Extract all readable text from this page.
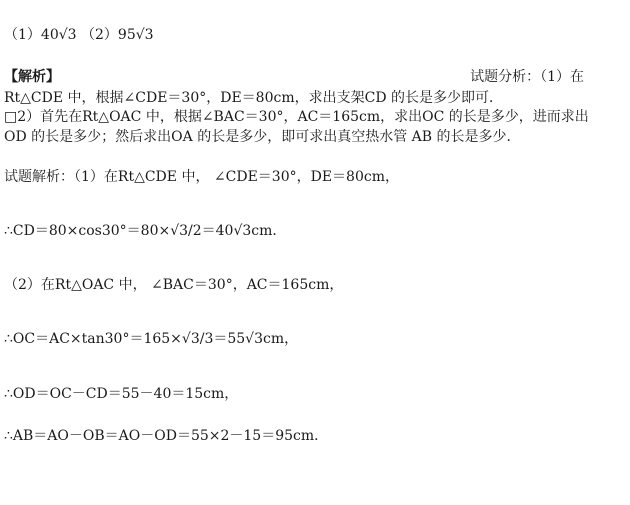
（1）40√3 （2）95√3
【解析】	试题分析：（1）在
Rt△CDE 中，根据∠CDE＝30°，DE＝80cm，求出支架CD 的长是多少即可．
□2）首先在Rt△OAC 中，根据∠BAC＝30°，AC＝165cm，求出OC 的长是多少，进而求出
OD 的长是多少；然后求出OA 的长是多少，即可求出真空热水管 AB 的长是多少．
试题解析：（1）在Rt△CDE 中， ∠CDE＝30°，DE＝80cm，
∴CD＝80×cos30°＝80×√3/2＝40√3cm．
（2）在Rt△OAC 中， ∠BAC＝30°，AC＝165cm，
∴OC＝AC×tan30°＝165×√3/3＝55√3cm，
∴OD＝OC－CD＝55－40＝15cm，
∴AB＝AO－OB＝AO－OD＝55×2－15＝95cm．
